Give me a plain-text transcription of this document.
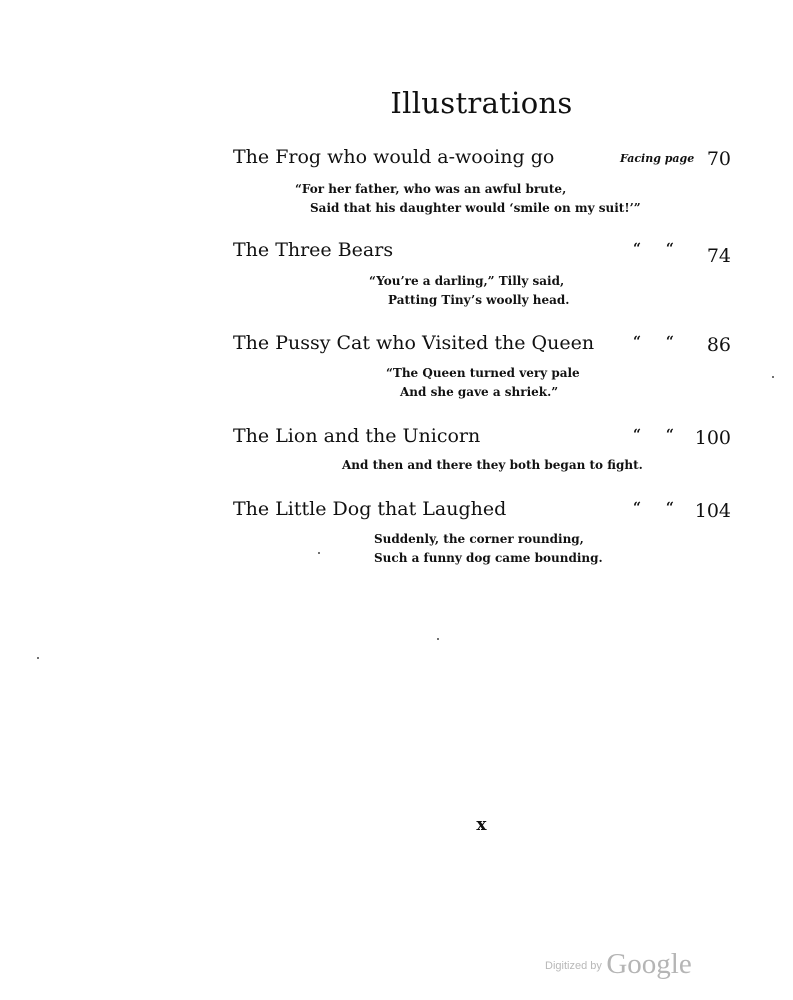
Illustrations
The Frog who would a-wooing go	Facing page 70
“For her father, who was an awful brute,
Said that his daughter would ‘smile on my suit!’”
The Three Bears	“ “ 74
“You’re a darling,” Tilly said,
Patting Tiny’s woolly head.
The Pussy Cat who Visited the Queen	“ “ 86
“The Queen turned very pale
And she gave a shriek.”
The Lion and the Unicorn	“ “ 100
And then and there they both began to fight.
The Little Dog that Laughed	“ “ 104
Suddenly, the corner rounding,
Such a funny dog came bounding.
x
$^{Digitized by}$ Google
